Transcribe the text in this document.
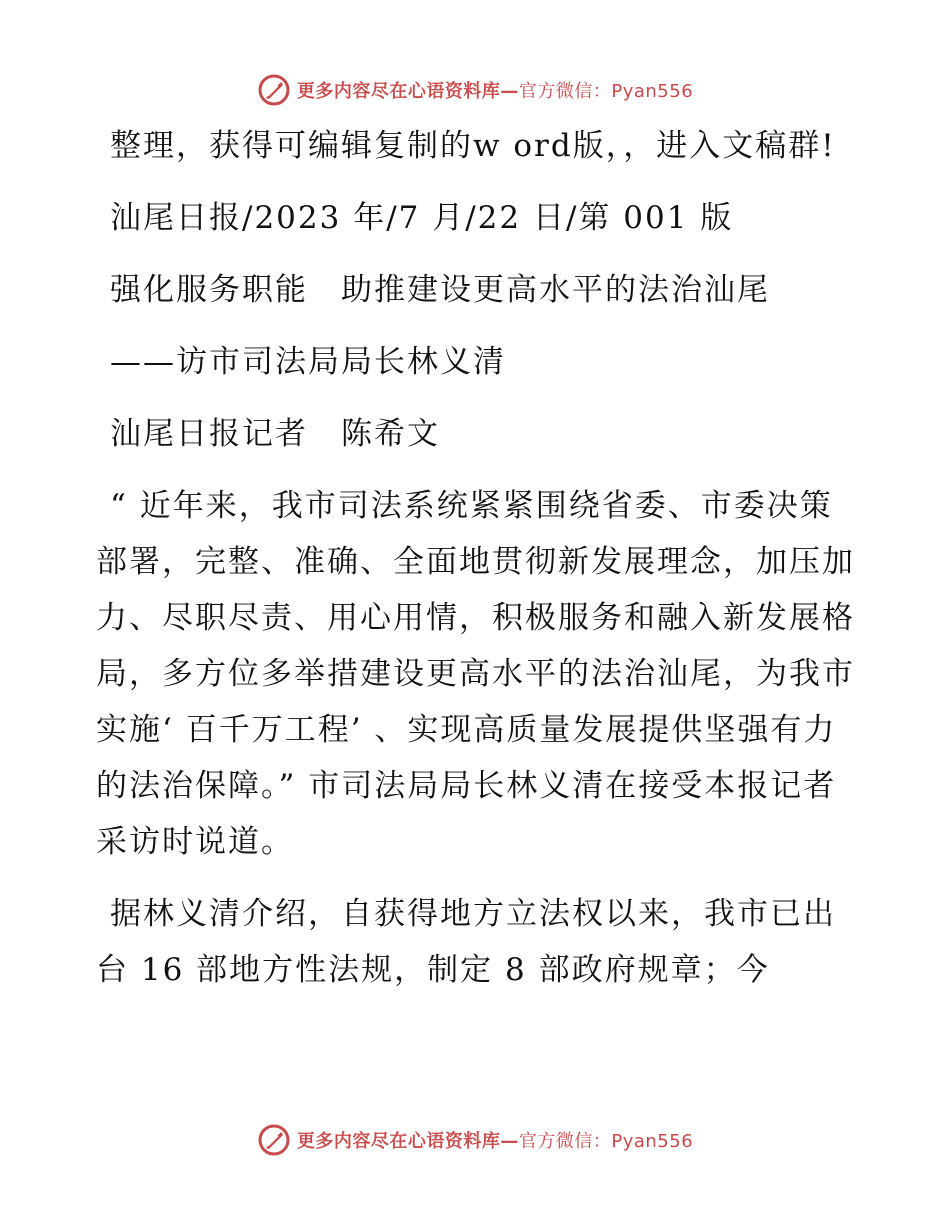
更多内容尽在心语资料库—官方微信：Pyan556

整理，获得可编辑复制的w ord版，，进入文稿群!

汕尾日报/2023 年/7 月/22 日/第 001 版

强化服务职能　助推建设更高水平的法治汕尾

——访市司法局局长林义清

汕尾日报记者　陈希文

“ 近年来，我市司法系统紧紧围绕省委、市委决策部署，完整、准确、全面地贯彻新发展理念，加压加力、尽职尽责、用心用情，积极服务和融入新发展格局，多方位多举措建设更高水平的法治汕尾，为我市实施‘ 百千万工程’ 、实现高质量发展提供坚强有力的法治保障。” 市司法局局长林义清在接受本报记者采访时说道。

据林义清介绍，自获得地方立法权以来，我市已出台 16 部地方性法规，制定 8 部政府规章；今

更多内容尽在心语资料库—官方微信：Pyan556
